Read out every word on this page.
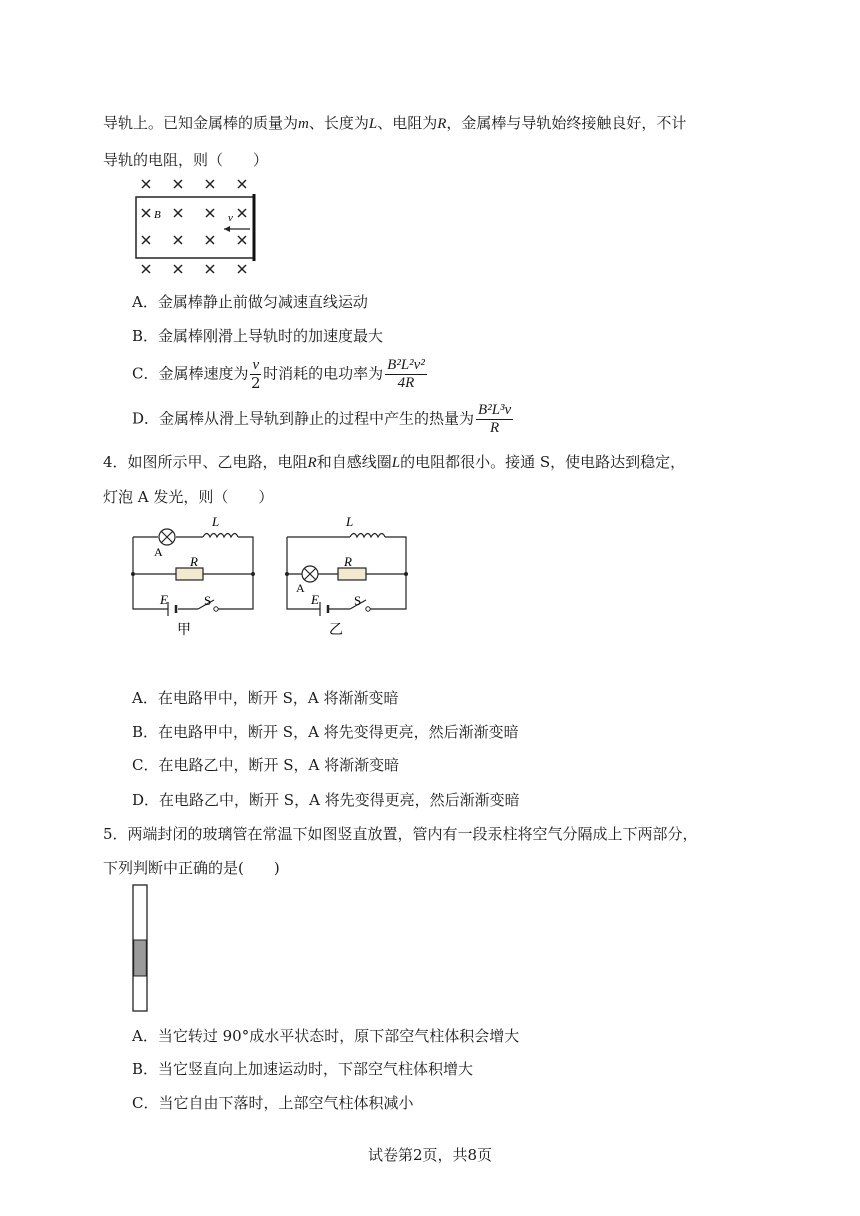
导轨上。已知金属棒的质量为m、长度为L、电阻为R，金属棒与导轨始终接触良好，不计
导轨的电阻，则（　　）
B	v
A．金属棒静止前做匀减速直线运动
B．金属棒刚滑上导轨时的加速度最大
C．金属棒速度为 $\frac{v}{2}$ 时消耗的电功率为 $\frac{\text{B²L²v²}}{4R}$
D．金属棒从滑上导轨到静止的过程中产生的热量为 $\frac{\text{B²L³v}}{R}$
4．如图所示甲、乙电路，电阻R和自感线圈L的电阻都很小。接通 S，使电路达到稳定，
灯泡 A 发光，则（　　）
A
L
R
E	S
甲
A
L
R
E	S
乙
A．在电路甲中，断开 S，A 将渐渐变暗
B．在电路甲中，断开 S，A 将先变得更亮，然后渐渐变暗
C．在电路乙中，断开 S，A 将渐渐变暗
D．在电路乙中，断开 S，A 将先变得更亮，然后渐渐变暗
5．两端封闭的玻璃管在常温下如图竖直放置，管内有一段汞柱将空气分隔成上下两部分，
下列判断中正确的是(　　)
A．当它转过 90°成水平状态时，原下部空气柱体积会增大
B．当它竖直向上加速运动时，下部空气柱体积增大
C．当它自由下落时，上部空气柱体积减小
试卷第2页，共8页
